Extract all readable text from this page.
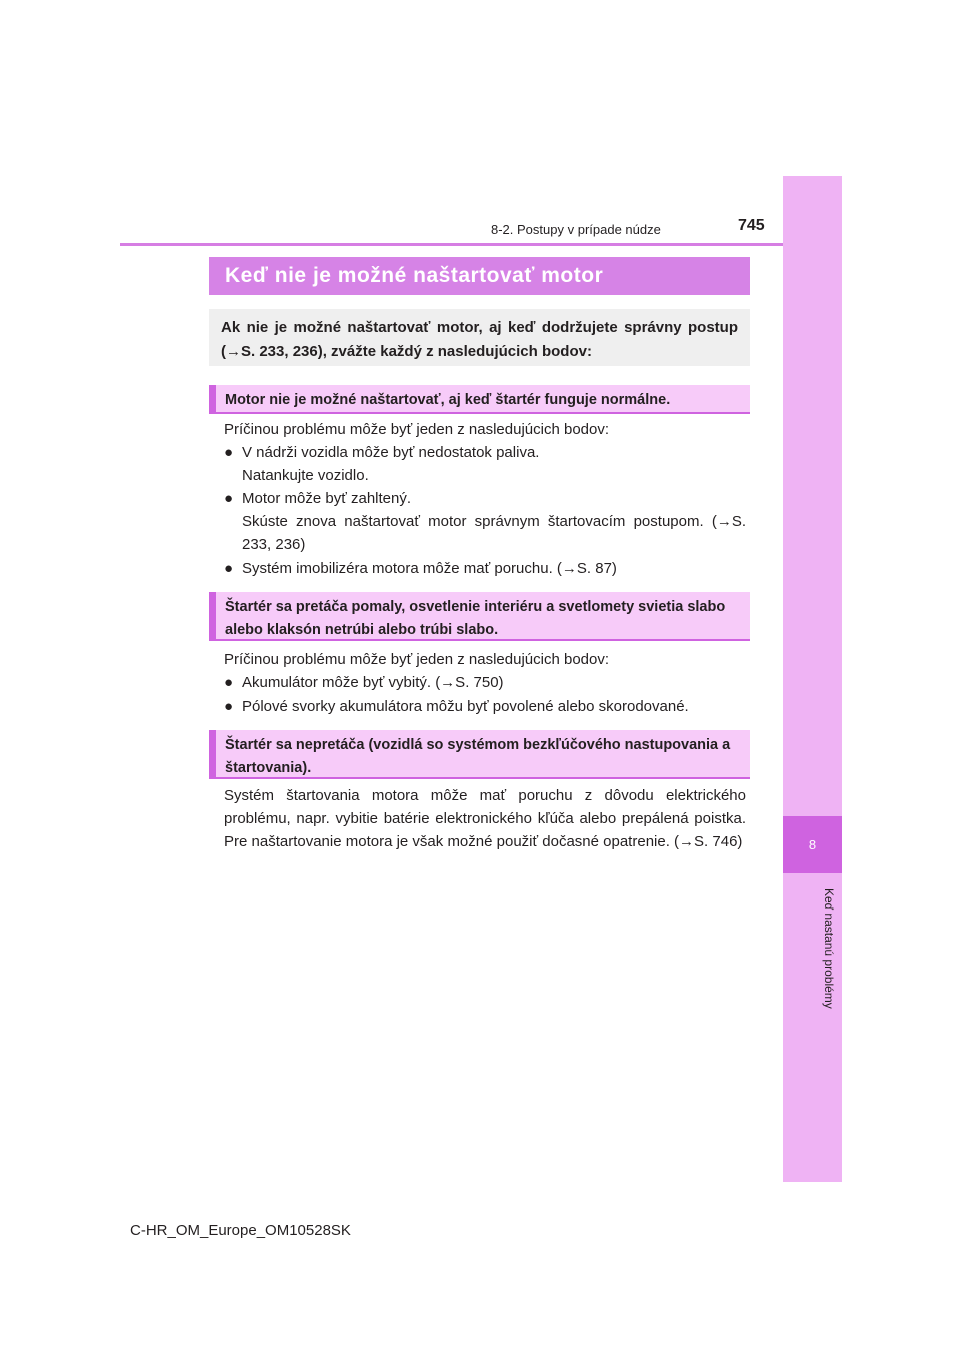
8
Keď nastanú problémy
8-2. Postupy v prípade núdze	745
Keď nie je možné naštartovať motor
Ak nie je možné naštartovať motor, aj keď dodržujete správny postup (→S. 233, 236), zvážte každý z nasledujúcich bodov:
Motor nie je možné naštartovať, aj keď štartér funguje normálne.
Príčinou problému môže byť jeden z nasledujúcich bodov:
● V nádrži vozidla môže byť nedostatok paliva.
Natankujte vozidlo.
● Motor môže byť zahltený.
Skúste znova naštartovať motor správnym štartovacím postupom. (→S. 233, 236)
● Systém imobilizéra motora môže mať poruchu. (→S. 87)
Štartér sa pretáča pomaly, osvetlenie interiéru a svetlomety svietia slabo alebo klaksón netrúbi alebo trúbi slabo.
Príčinou problému môže byť jeden z nasledujúcich bodov:
● Akumulátor môže byť vybitý. (→S. 750)
● Pólové svorky akumulátora môžu byť povolené alebo skorodované.
Štartér sa nepretáča (vozidlá so systémom bezkľúčového nastupovania a štartovania).
Systém štartovania motora môže mať poruchu z dôvodu elektrického problému, napr. vybitie batérie elektronického kľúča alebo prepálená poistka. Pre naštartovanie motora je však možné použiť dočasné opatrenie. (→S. 746)
C-HR_OM_Europe_OM10528SK
